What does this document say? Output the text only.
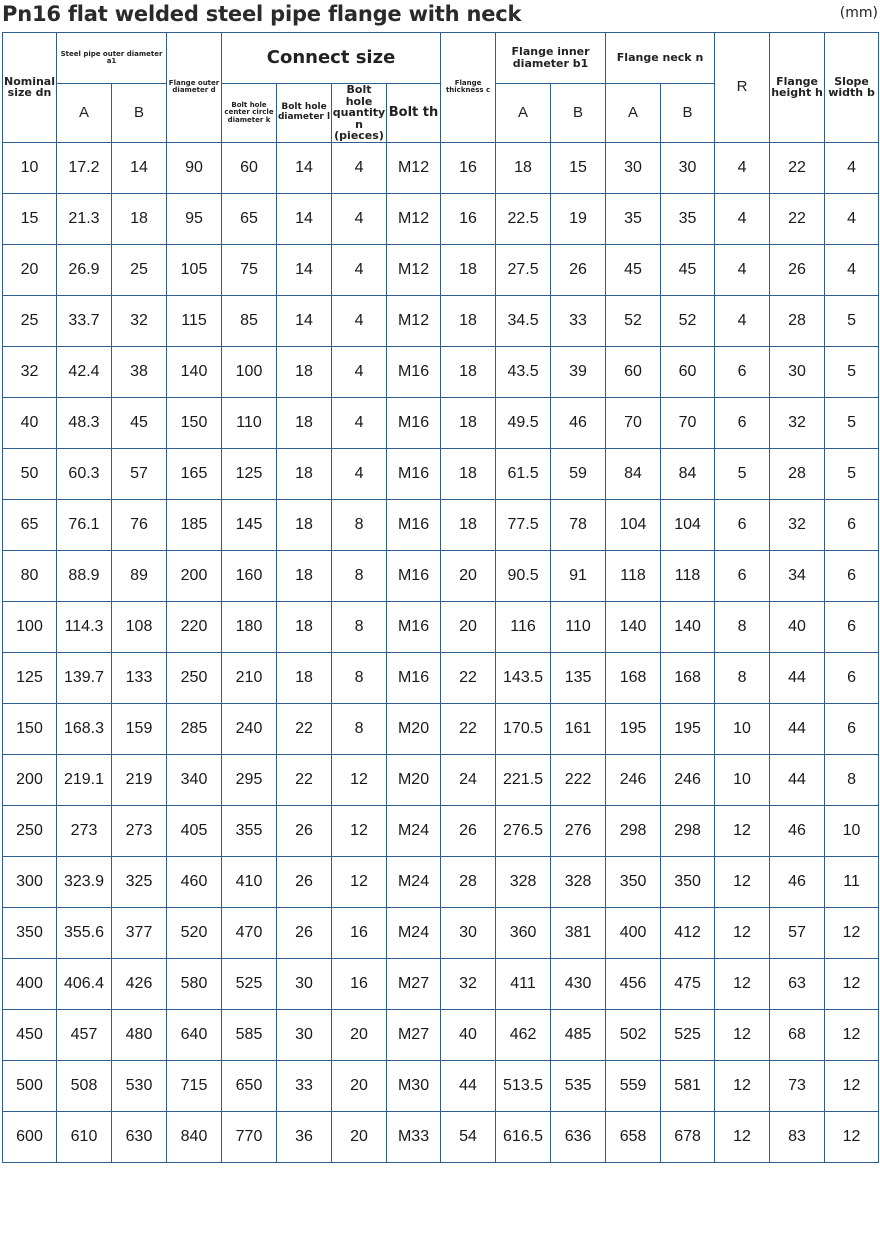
Pn16 flat welded steel pipe flange with neck	(mm)
Nominal size dn	Steel pipe outer diameter a1		Flange outer diameter d	Connect size				Flange thickness c	Flange inner diameter b1		Flange neck n		R	Flange height h	Slope width b
				Bolt hole center circle diameter k	Bolt hole diameter l	Bolt hole quantity n (pieces)	Bolt th								
	A	B							A	B	A	B			
10	17.2	14	90	60	14	4	M12	16	18	15	30	30	4	22	4
15	21.3	18	95	65	14	4	M12	16	22.5	19	35	35	4	22	4
20	26.9	25	105	75	14	4	M12	18	27.5	26	45	45	4	26	4
25	33.7	32	115	85	14	4	M12	18	34.5	33	52	52	4	28	5
32	42.4	38	140	100	18	4	M16	18	43.5	39	60	60	6	30	5
40	48.3	45	150	110	18	4	M16	18	49.5	46	70	70	6	32	5
50	60.3	57	165	125	18	4	M16	18	61.5	59	84	84	5	28	5
65	76.1	76	185	145	18	8	M16	18	77.5	78	104	104	6	32	6
80	88.9	89	200	160	18	8	M16	20	90.5	91	118	118	6	34	6
100	114.3	108	220	180	18	8	M16	20	116	110	140	140	8	40	6
125	139.7	133	250	210	18	8	M16	22	143.5	135	168	168	8	44	6
150	168.3	159	285	240	22	8	M20	22	170.5	161	195	195	10	44	6
200	219.1	219	340	295	22	12	M20	24	221.5	222	246	246	10	44	8
250	273	273	405	355	26	12	M24	26	276.5	276	298	298	12	46	10
300	323.9	325	460	410	26	12	M24	28	328	328	350	350	12	46	11
350	355.6	377	520	470	26	16	M24	30	360	381	400	412	12	57	12
400	406.4	426	580	525	30	16	M27	32	411	430	456	475	12	63	12
450	457	480	640	585	30	20	M27	40	462	485	502	525	12	68	12
500	508	530	715	650	33	20	M30	44	513.5	535	559	581	12	73	12
600	610	630	840	770	36	20	M33	54	616.5	636	658	678	12	83	12
